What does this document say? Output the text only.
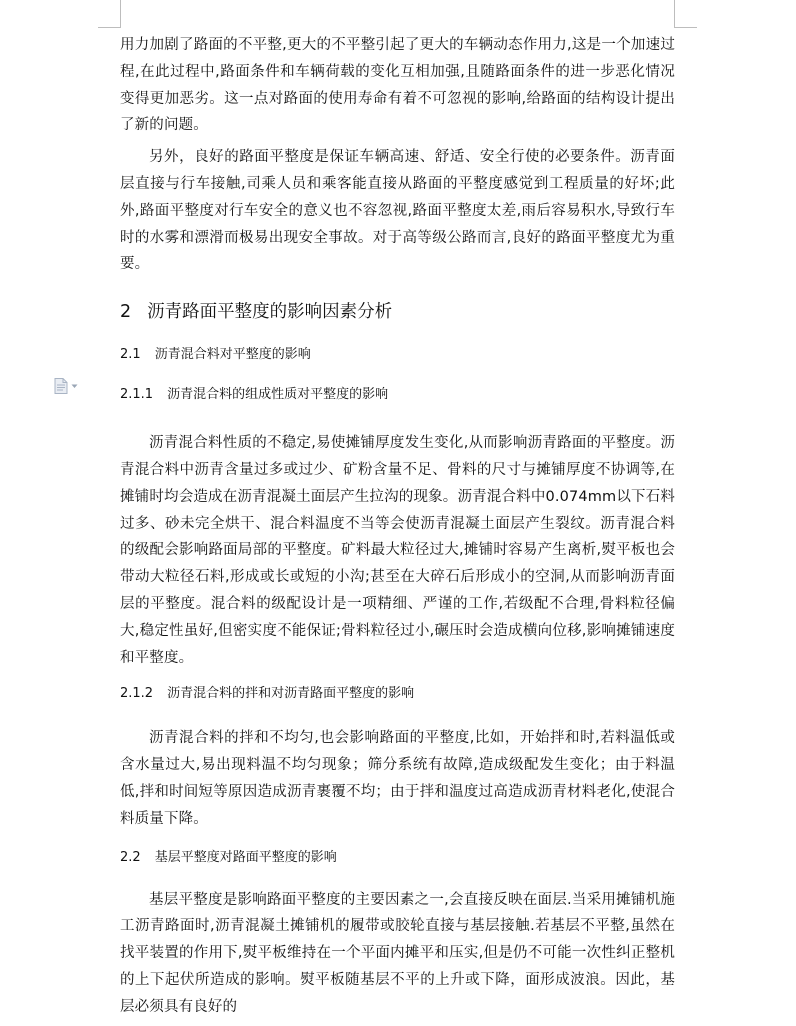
用力加剧了路面的不平整,更大的不平整引起了更大的车辆动态作用力,这是一个加速过程,在此过程中,路面条件和车辆荷载的变化互相加强,且随路面条件的进一步恶化情况变得更加恶劣。这一点对路面的使用寿命有着不可忽视的影响,给路面的结构设计提出了新的问题。

另外，良好的路面平整度是保证车辆高速、舒适、安全行使的必要条件。沥青面层直接与行车接触,司乘人员和乘客能直接从路面的平整度感觉到工程质量的好坏;此外,路面平整度对行车安全的意义也不容忽视,路面平整度太差,雨后容易积水,导致行车时的水雾和漂滑而极易出现安全事故。对于高等级公路而言,良好的路面平整度尤为重要。

2 沥青路面平整度的影响因素分析
2.1 沥青混合料对平整度的影响
2.1.1 沥青混合料的组成性质对平整度的影响

沥青混合料性质的不稳定,易使摊铺厚度发生变化,从而影响沥青路面的平整度。沥青混合料中沥青含量过多或过少、矿粉含量不足、骨料的尺寸与摊铺厚度不协调等,在摊铺时均会造成在沥青混凝土面层产生拉沟的现象。沥青混合料中0.074mm以下石料过多、砂未完全烘干、混合料温度不当等会使沥青混凝土面层产生裂纹。沥青混合料的级配会影响路面局部的平整度。矿料最大粒径过大,摊铺时容易产生离析,熨平板也会带动大粒径石料,形成或长或短的小沟;甚至在大碎石后形成小的空洞,从而影响沥青面层的平整度。混合料的级配设计是一项精细、严谨的工作,若级配不合理,骨料粒径偏大,稳定性虽好,但密实度不能保证;骨料粒径过小,碾压时会造成横向位移,影响摊铺速度和平整度。

2.1.2 沥青混合料的拌和对沥青路面平整度的影响

沥青混合料的拌和不均匀,也会影响路面的平整度,比如，开始拌和时,若料温低或含水量过大,易出现料温不均匀现象；筛分系统有故障,造成级配发生变化；由于料温低,拌和时间短等原因造成沥青裹覆不均；由于拌和温度过高造成沥青材料老化,使混合料质量下降。

2.2 基层平整度对路面平整度的影响

基层平整度是影响路面平整度的主要因素之一,会直接反映在面层.当采用摊铺机施工沥青路面时,沥青混凝土摊铺机的履带或胶轮直接与基层接触.若基层不平整,虽然在找平装置的作用下,熨平板维持在一个平面内摊平和压实,但是仍不可能一次性纠正整机的上下起伏所造成的影响。熨平板随基层不平的上升或下降，面形成波浪。因此，基层必须具有良好的
